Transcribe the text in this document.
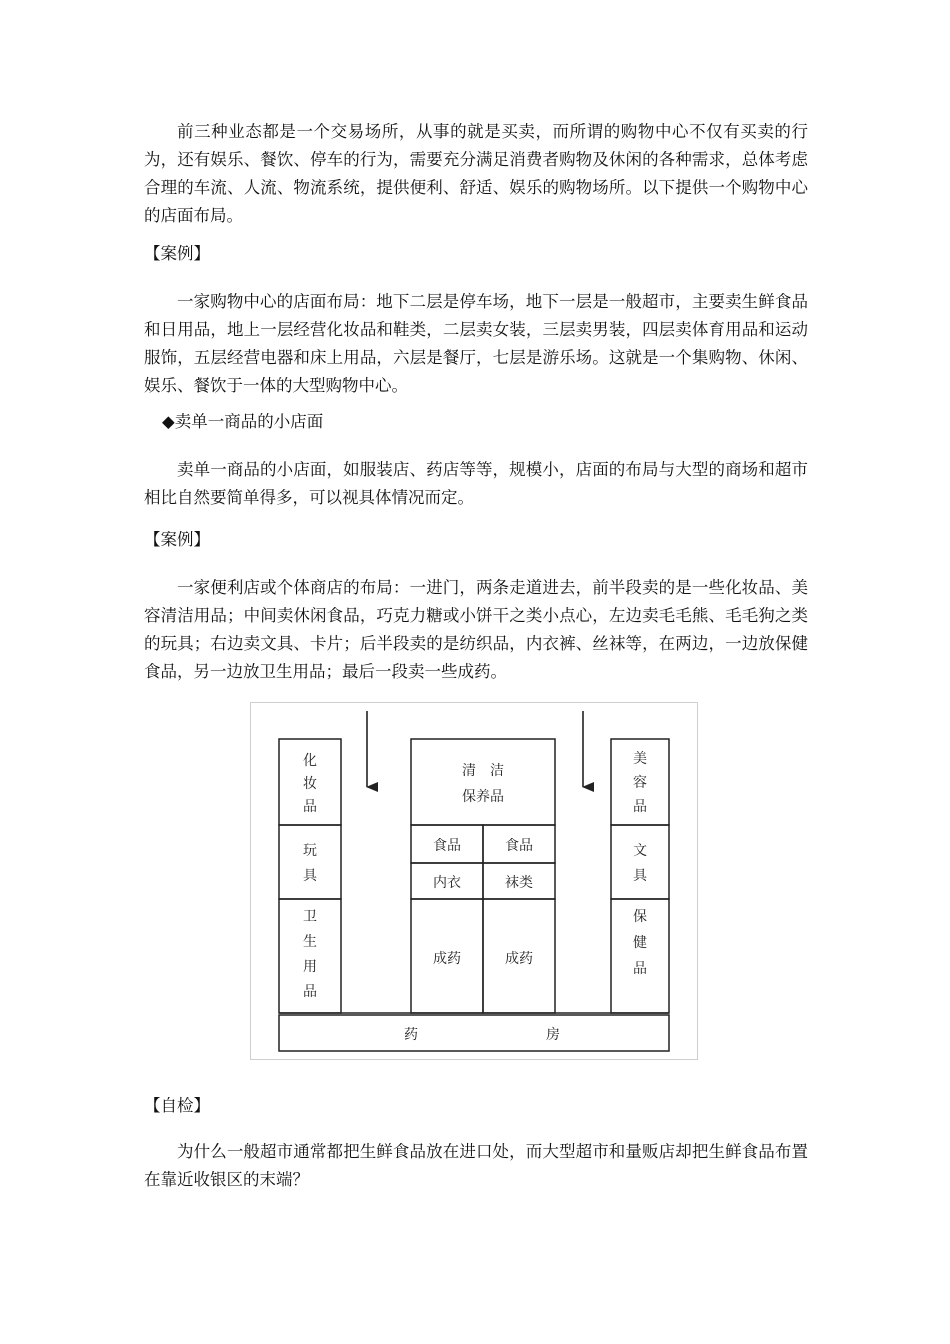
前三种业态都是一个交易场所，从事的就是买卖，而所谓的购物中心不仅有买卖的行为，还有娱乐、餐饮、停车的行为，需要充分满足消费者购物及休闲的各种需求，总体考虑合理的车流、人流、物流系统，提供便利、舒适、娱乐的购物场所。以下提供一个购物中心的店面布局。

【案例】

一家购物中心的店面布局：地下二层是停车场，地下一层是一般超市，主要卖生鲜食品和日用品，地上一层经营化妆品和鞋类，二层卖女装，三层卖男装，四层卖体育用品和运动服饰，五层经营电器和床上用品，六层是餐厅，七层是游乐场。这就是一个集购物、休闲、娱乐、餐饮于一体的大型购物中心。

◆卖单一商品的小店面

卖单一商品的小店面，如服装店、药店等等，规模小，店面的布局与大型的商场和超市相比自然要简单得多，可以视具体情况而定。

【案例】

一家便利店或个体商店的布局：一进门，两条走道进去，前半段卖的是一些化妆品、美容清洁用品；中间卖休闲食品，巧克力糖或小饼干之类小点心，左边卖毛毛熊、毛毛狗之类的玩具；右边卖文具、卡片；后半段卖的是纺织品，内衣裤、丝袜等，在两边，一边放保健食品，另一边放卫生用品；最后一段卖一些成药。

化
妆
品
玩
具
卫
生
用
品
清　洁
保养品
食品	食品
内衣	袜类
成药	成药
美
容
品
文
具
保
健
品
药	房

【自检】

为什么一般超市通常都把生鲜食品放在进口处，而大型超市和量贩店却把生鲜食品布置在靠近收银区的末端？
